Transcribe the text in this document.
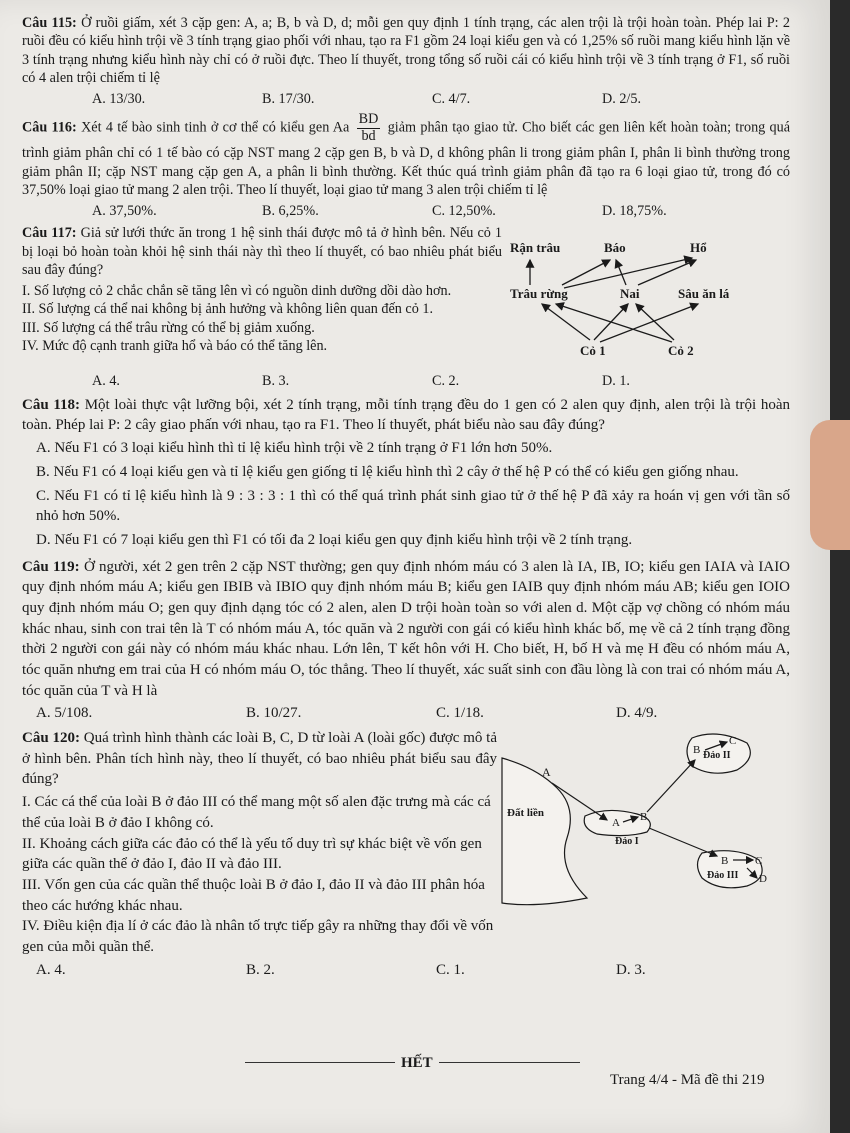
Câu 115: Ở ruồi giấm, xét 3 cặp gen: A, a; B, b và D, d; mỗi gen quy định 1 tính trạng, các alen trội là trội hoàn toàn. Phép lai P: 2 ruồi đều có kiểu hình trội về 3 tính trạng giao phối với nhau, tạo ra F1 gồm 24 loại kiểu gen và có 1,25% số ruồi mang kiểu hình lặn về 3 tính trạng nhưng kiểu hình này chỉ có ở ruồi đực. Theo lí thuyết, trong tổng số ruồi cái có kiểu hình trội về 3 tính trạng ở F1, số ruồi có 4 alen trội chiếm tỉ lệ

A. 13/30.	B. 17/30.	C. 4/7.	D. 2/5.

Câu 116: Xét 4 tế bào sinh tinh ở cơ thể có kiểu gen Aa $\frac{BD}{bd}$ giảm phân tạo giao tử. Cho biết các gen liên kết hoàn toàn; trong quá trình giảm phân chỉ có 1 tế bào có cặp NST mang 2 cặp gen B, b và D, d không phân li trong giảm phân I, phân li bình thường trong giảm phân II; cặp NST mang cặp gen A, a phân li bình thường. Kết thúc quá trình giảm phân đã tạo ra 6 loại giao tử, trong đó có 37,50% loại giao tử mang 2 alen trội. Theo lí thuyết, loại giao tử mang 3 alen trội chiếm tỉ lệ

A. 37,50%.	B. 6,25%.	C. 12,50%.	D. 18,75%.

Câu 117: Giả sử lưới thức ăn trong 1 hệ sinh thái được mô tả ở hình bên. Nếu cỏ 1 bị loại bỏ hoàn toàn khỏi hệ sinh thái này thì theo lí thuyết, có bao nhiêu phát biểu sau đây đúng?

I. Số lượng cỏ 2 chắc chắn sẽ tăng lên vì có nguồn dinh dưỡng dồi dào hơn.

II. Số lượng cá thể nai không bị ảnh hưởng và không liên quan đến cỏ 1.

III. Số lượng cá thể trâu rừng có thể bị giảm xuống.

IV. Mức độ cạnh tranh giữa hổ và báo có thể tăng lên.

Rận trâu	Báo	Hổ
Trâu rừng	Nai	Sâu ăn lá
Cỏ 1	Cỏ 2
A. 4.	B. 3.	C. 2.	D. 1.

Câu 118: Một loài thực vật lưỡng bội, xét 2 tính trạng, mỗi tính trạng đều do 1 gen có 2 alen quy định, alen trội là trội hoàn toàn. Phép lai P: 2 cây giao phấn với nhau, tạo ra F1. Theo lí thuyết, phát biểu nào sau đây đúng?

A. Nếu F1 có 3 loại kiểu hình thì tỉ lệ kiểu hình trội về 2 tính trạng ở F1 lớn hơn 50%.

B. Nếu F1 có 4 loại kiểu gen và tỉ lệ kiểu gen giống tỉ lệ kiểu hình thì 2 cây ở thế hệ P có thể có kiểu gen giống nhau.

C. Nếu F1 có tỉ lệ kiểu hình là 9 : 3 : 3 : 1 thì có thể quá trình phát sinh giao tử ở thế hệ P đã xảy ra hoán vị gen với tần số nhỏ hơn 50%.

D. Nếu F1 có 7 loại kiểu gen thì F1 có tối đa 2 loại kiểu gen quy định kiểu hình trội về 2 tính trạng.

Câu 119: Ở người, xét 2 gen trên 2 cặp NST thường; gen quy định nhóm máu có 3 alen là IA, IB, IO; kiểu gen IAIA và IAIO quy định nhóm máu A; kiểu gen IBIB và IBIO quy định nhóm máu B; kiểu gen IAIB quy định nhóm máu AB; kiểu gen IOIO quy định nhóm máu O; gen quy định dạng tóc có 2 alen, alen D trội hoàn toàn so với alen d. Một cặp vợ chồng có nhóm máu khác nhau, sinh con trai tên là T có nhóm máu A, tóc quăn và 2 người con gái có kiểu hình khác bố, mẹ về cả 2 tính trạng đồng thời 2 người con gái này có nhóm máu khác nhau. Lớn lên, T kết hôn với H. Cho biết, H, bố H và mẹ H đều có nhóm máu A, tóc quăn nhưng em trai của H có nhóm máu O, tóc thẳng. Theo lí thuyết, xác suất sinh con đầu lòng là con trai có nhóm máu A, tóc quăn của T và H là

A. 5/108.	B. 10/27.	C. 1/18.	D. 4/9.

Câu 120: Quá trình hình thành các loài B, C, D từ loài A (loài gốc) được mô tả ở hình bên. Phân tích hình này, theo lí thuyết, có bao nhiêu phát biểu sau đây đúng?

I. Các cá thể của loài B ở đảo III có thể mang một số alen đặc trưng mà các cá thể của loài B ở đảo I không có.

II. Khoảng cách giữa các đảo có thể là yếu tố duy trì sự khác biệt về vốn gen giữa các quần thể ở đảo I, đảo II và đảo III.

III. Vốn gen của các quần thể thuộc loài B ở đảo I, đảo II và đảo III phân hóa theo các hướng khác nhau.

IV. Điều kiện địa lí ở các đảo là nhân tố trực tiếp gây ra những thay đổi về vốn gen của mỗi quần thể.

Đất liền
A
Đảo I
Đảo II
Đảo III
A B
B
C
B C
D
A. 4.	B. 2.	C. 1.	D. 3.
HẾT
Trang 4/4 - Mã đề thi 219
